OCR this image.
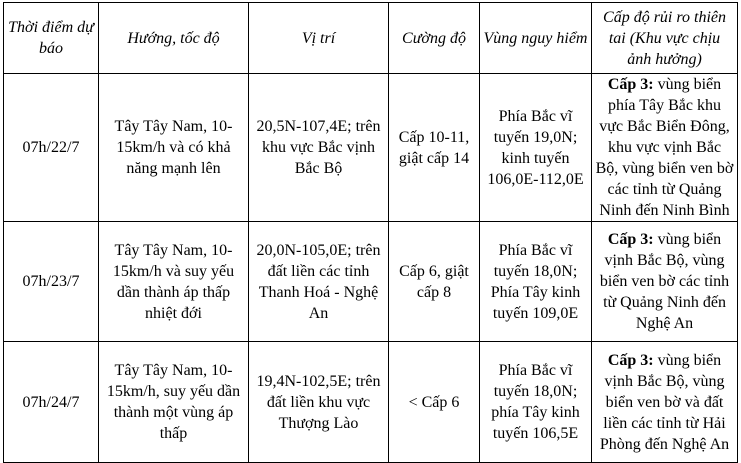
Thời điểm dự báo	Hướng, tốc độ	Vị trí	Cường độ	Vùng nguy hiểm	Cấp độ rủi ro thiên tai (Khu vực chịu ảnh hưởng)
07h/22/7	Tây Tây Nam, 10-15km/h và có khả năng mạnh lên	20,5N-107,4E; trên khu vực Bắc vịnh Bắc Bộ	Cấp 10-11, giật cấp 14	Phía Bắc vĩ tuyến 19,0N; kinh tuyến 106,0E-112,0E	Cấp 3: vùng biển phía Tây Bắc khu vực Bắc Biển Đông, khu vực vịnh Bắc Bộ, vùng biển ven bờ các tỉnh từ Quảng Ninh đến Ninh Bình
07h/23/7	Tây Tây Nam, 10-15km/h và suy yếu dần thành áp thấp nhiệt đới	20,0N-105,0E; trên đất liền các tỉnh Thanh Hoá - Nghệ An	Cấp 6, giật cấp 8	Phía Bắc vĩ tuyến 18,0N; Phía Tây kinh tuyến 109,0E	Cấp 3: vùng biển vịnh Bắc Bộ, vùng biển ven bờ các tỉnh từ Quảng Ninh đến Nghệ An
07h/24/7	Tây Tây Nam, 10-15km/h, suy yếu dần thành một vùng áp thấp	19,4N-102,5E; trên đất liền khu vực Thượng Lào	< Cấp 6	Phía Bắc vĩ tuyến 18,0N; phía Tây kinh tuyến 106,5E	Cấp 3: vùng biển vịnh Bắc Bộ, vùng biển ven bờ và đất liền các tỉnh từ Hải Phòng đến Nghệ An
